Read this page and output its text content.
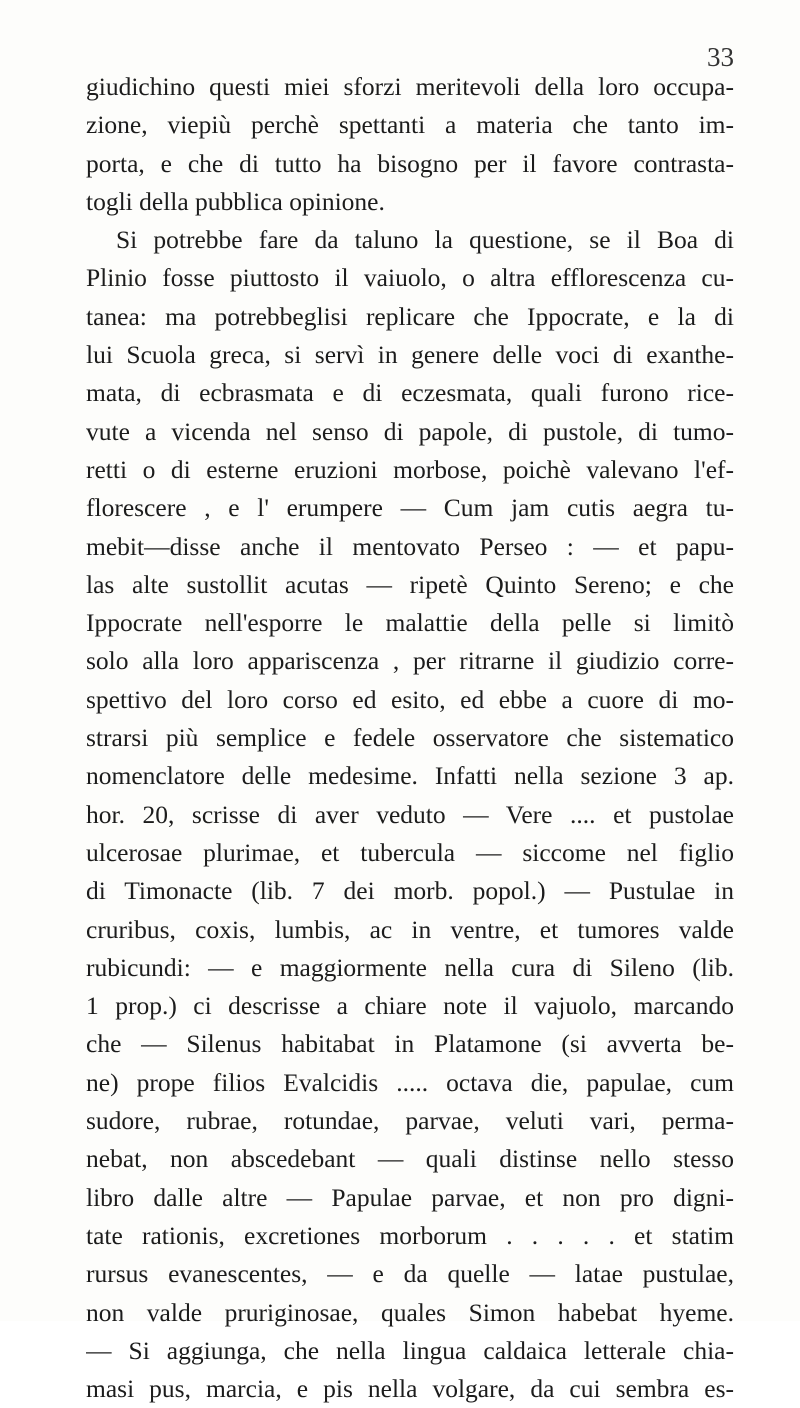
33
giudichino questi miei sforzi meritevoli della loro occupa-
zione, viepiù perchè spettanti a materia che tanto im-
porta, e che di tutto ha bisogno per il favore contrasta-
togli della pubblica opinione.
Si potrebbe fare da taluno la questione, se il Boa di
Plinio fosse piuttosto il vaiuolo, o altra efflorescenza cu-
tanea: ma potrebbeglisi replicare che Ippocrate, e la di
lui Scuola greca, si servì in genere delle voci di exanthe-
mata, di ecbrasmata e di eczesmata, quali furono rice-
vute a vicenda nel senso di papole, di pustole, di tumo-
retti o di esterne eruzioni morbose, poichè valevano l'ef-
florescere , e l' erumpere — Cum jam cutis aegra tu-
mebit—disse anche il mentovato Perseo : — et papu-
las alte sustollit acutas — ripetè Quinto Sereno; e che
Ippocrate nell'esporre le malattie della pelle si limitò
solo alla loro appariscenza , per ritrarne il giudizio corre-
spettivo del loro corso ed esito, ed ebbe a cuore di mo-
strarsi più semplice e fedele osservatore che sistematico
nomenclatore delle medesime. Infatti nella sezione 3 ap.
hor. 20, scrisse di aver veduto — Vere .... et pustolae
ulcerosae plurimae, et tubercula — siccome nel figlio
di Timonacte (lib. 7 dei morb. popol.) — Pustulae in
cruribus, coxis, lumbis, ac in ventre, et tumores valde
rubicundi: — e maggiormente nella cura di Sileno (lib.
1 prop.) ci descrisse a chiare note il vajuolo, marcando
che — Silenus habitabat in Platamone (si avverta be-
ne) prope filios Evalcidis ..... octava die, papulae, cum
sudore, rubrae, rotundae, parvae, veluti vari, perma-
nebat, non abscedebant — quali distinse nello stesso
libro dalle altre — Papulae parvae, et non pro digni-
tate rationis, excretiones morborum . . . . . et statim
rursus evanescentes, — e da quelle — latae pustulae,
non valde pruriginosae, quales Simon habebat hyeme.
— Si aggiunga, che nella lingua caldaica letterale chia-
masi pus, marcia, e pis nella volgare, da cui sembra es-
